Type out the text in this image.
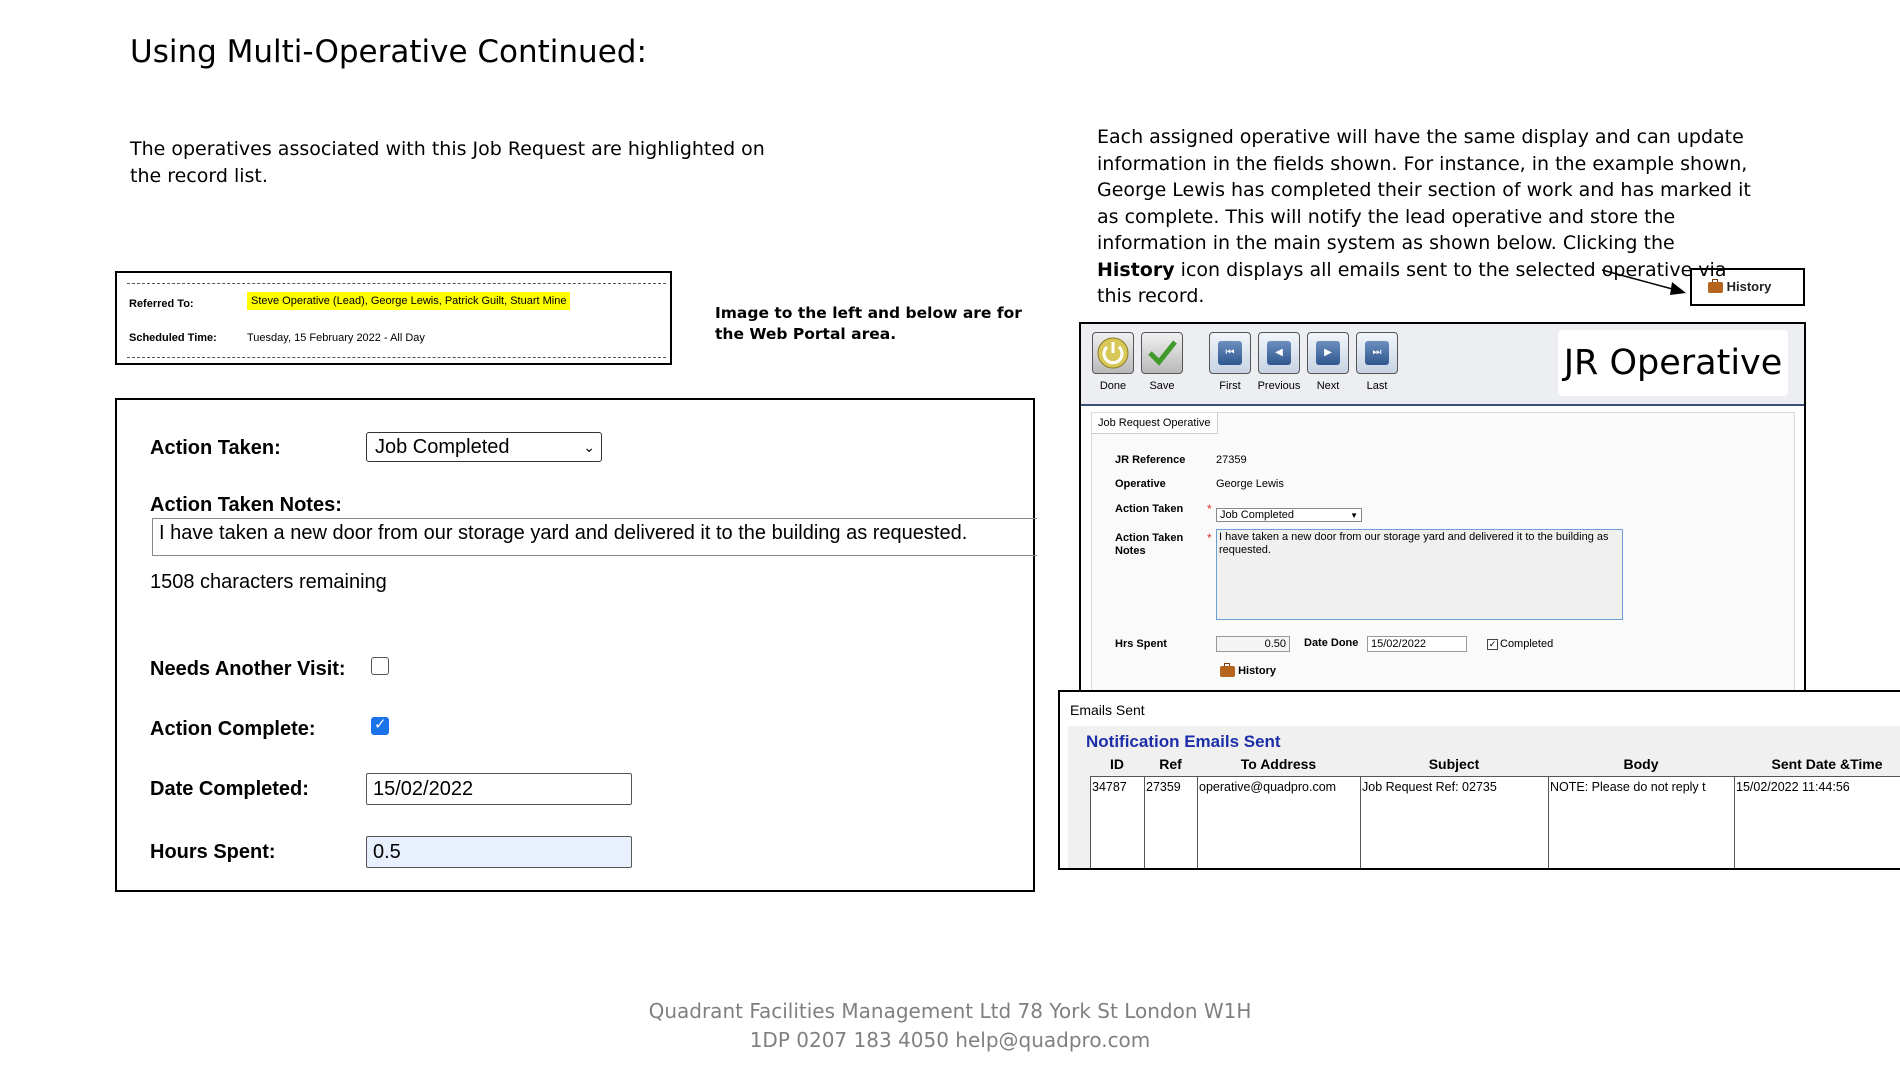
Using Multi-Operative Continued:
The operatives associated with this Job Request are highlighted on the record list.
Each assigned operative will have the same display and can update information in the fields shown. For instance, in the example shown, George Lewis has completed their section of work and has marked it as complete. This will notify the lead operative and store the information in the main system as shown below. Clicking the History icon displays all emails sent to the selected operative via this record.
Image to the left and below are for the Web Portal area.
Referred To:	Steve Operative (Lead), George Lewis, Patrick Guilt, Stuart Mine
Scheduled Time:	Tuesday, 15 February 2022 - All Day
Action Taken:	Job Completed	⌄
Action Taken Notes:
I have taken a new door from our storage yard and delivered it to the building as requested.
1508 characters remaining
Needs Another Visit:
Action Complete:
✓
Date Completed:	15/02/2022
Hours Spent:	0.5
History
Done	Save
⏮
First
◀
Previous
▶
Next
⏭
Last
JR Operative
Job Request Operative
JR Reference	27359
Operative	George Lewis
Action Taken * Job Completed	▼
Action Taken Notes
* I have taken a new door from our storage yard and delivered it to the building as requested.
Hrs Spent	0.50	Date Done	15/02/2022	✓ Completed
History
Emails Sent
Notification Emails Sent
ID	Ref	To Address	Subject	Body	Sent Date &Time
34787	27359	operative@quadpro.com	Job Request Ref: 02735	NOTE: Please do not reply t	15/02/2022 11:44:56
Quadrant Facilities Management Ltd 78 York St London W1H
1DP 0207 183 4050 help@quadpro.com
